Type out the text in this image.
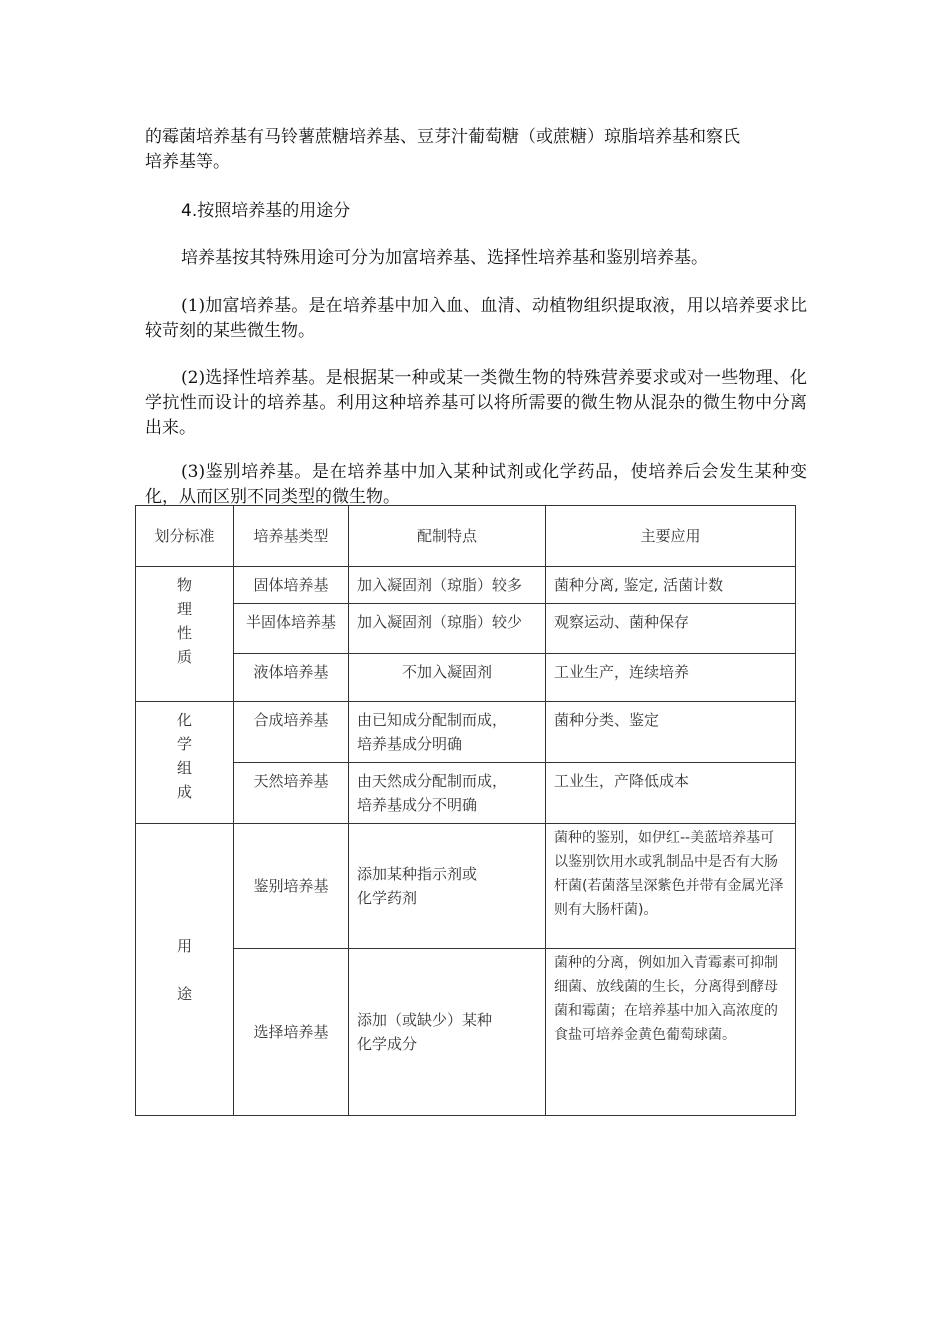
的霉菌培养基有马铃薯蔗糖培养基、豆芽汁葡萄糖（或蔗糖）琼脂培养基和察氏
培养基等。

4.按照培养基的用途分

培养基按其特殊用途可分为加富培养基、选择性培养基和鉴别培养基。

(1)加富培养基。是在培养基中加入血、血清、动植物组织提取液，用以培养要求比较苛刻的某些微生物。

(2)选择性培养基。是根据某一种或某一类微生物的特殊营养要求或对一些物理、化学抗性而设计的培养基。利用这种培养基可以将所需要的微生物从混杂的微生物中分离出来。

(3)鉴别培养基。是在培养基中加入某种试剂或化学药品，使培养后会发生某种变化，从而区别不同类型的微生物。

划分标准	培养基类型	配制特点	主要应用
物
理
性
质	固体培养基	加入凝固剂（琼脂）较多	菌种分离, 鉴定, 活菌计数
	半固体培养基	加入凝固剂（琼脂）较少	观察运动、菌种保存
	液体培养基	不加入凝固剂	工业生产，连续培养
化
学
组
成	合成培养基	由已知成分配制而成，
培养基成分明确	菌种分类、鉴定
	天然培养基	由天然成分配制而成，
培养基成分不明确	工业生，产降低成本
用

途	鉴别培养基	添加某种指示剂或
化学药剂	菌种的鉴别，如伊红--美蓝培养基可以鉴别饮用水或乳制品中是否有大肠杆菌(若菌落呈深紫色并带有金属光泽则有大肠杆菌)。
	选择培养基	添加（或缺少）某种
化学成分	菌种的分离，例如加入青霉素可抑制细菌、放线菌的生长，分离得到酵母菌和霉菌；在培养基中加入高浓度的食盐可培养金黄色葡萄球菌。
